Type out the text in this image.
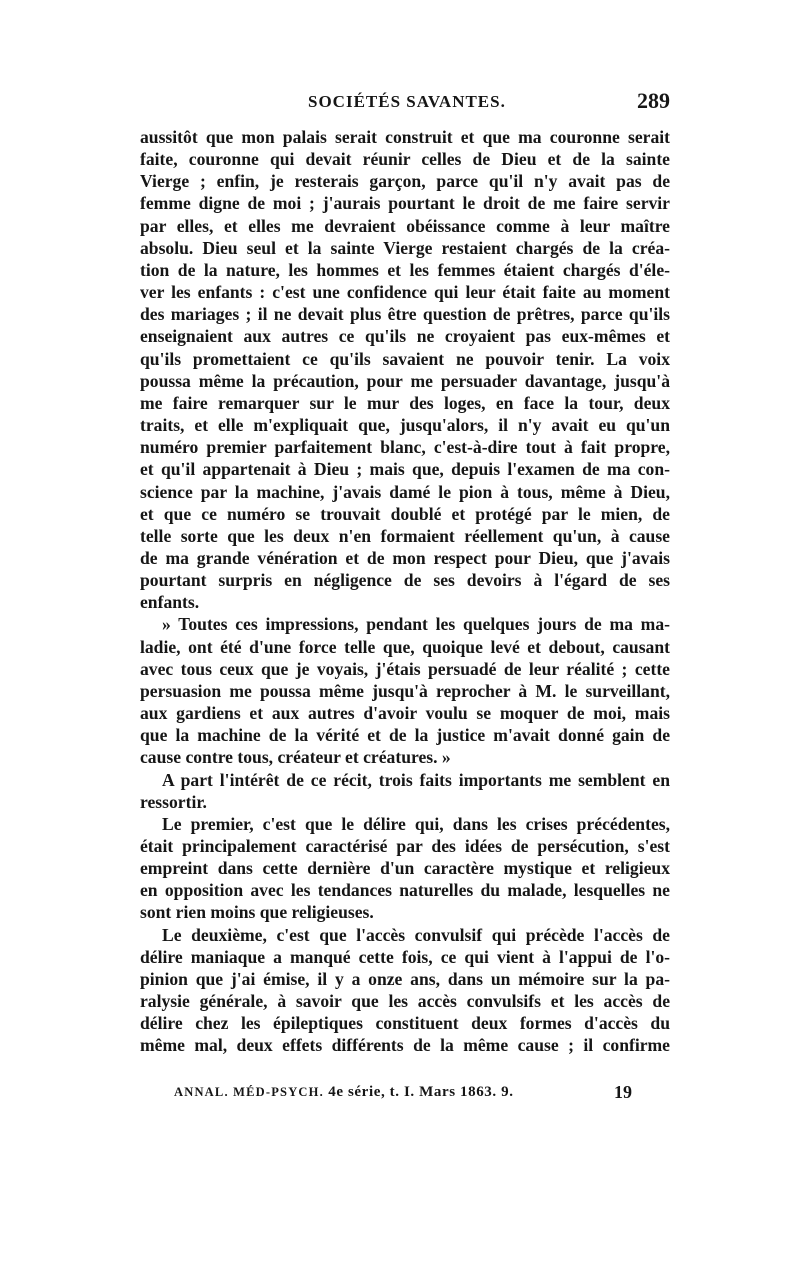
SOCIÉTÉS SAVANTES.	289
aussitôt que mon palais serait construit et que ma couronne serait
faite, couronne qui devait réunir celles de Dieu et de la sainte
Vierge ; enfin, je resterais garçon, parce qu'il n'y avait pas de
femme digne de moi ; j'aurais pourtant le droit de me faire servir
par elles, et elles me devraient obéissance comme à leur maître
absolu. Dieu seul et la sainte Vierge restaient chargés de la créa-
tion de la nature, les hommes et les femmes étaient chargés d'éle-
ver les enfants : c'est une confidence qui leur était faite au moment
des mariages ; il ne devait plus être question de prêtres, parce qu'ils
enseignaient aux autres ce qu'ils ne croyaient pas eux-mêmes et
qu'ils promettaient ce qu'ils savaient ne pouvoir tenir. La voix
poussa même la précaution, pour me persuader davantage, jusqu'à
me faire remarquer sur le mur des loges, en face la tour, deux
traits, et elle m'expliquait que, jusqu'alors, il n'y avait eu qu'un
numéro premier parfaitement blanc, c'est-à-dire tout à fait propre,
et qu'il appartenait à Dieu ; mais que, depuis l'examen de ma con-
science par la machine, j'avais damé le pion à tous, même à Dieu,
et que ce numéro se trouvait doublé et protégé par le mien, de
telle sorte que les deux n'en formaient réellement qu'un, à cause
de ma grande vénération et de mon respect pour Dieu, que j'avais
pourtant surpris en négligence de ses devoirs à l'égard de ses
enfants.
» Toutes ces impressions, pendant les quelques jours de ma ma-
ladie, ont été d'une force telle que, quoique levé et debout, causant
avec tous ceux que je voyais, j'étais persuadé de leur réalité ; cette
persuasion me poussa même jusqu'à reprocher à M. le surveillant,
aux gardiens et aux autres d'avoir voulu se moquer de moi, mais
que la machine de la vérité et de la justice m'avait donné gain de
cause contre tous, créateur et créatures. »
A part l'intérêt de ce récit, trois faits importants me semblent en
ressortir.
Le premier, c'est que le délire qui, dans les crises précédentes,
était principalement caractérisé par des idées de persécution, s'est
empreint dans cette dernière d'un caractère mystique et religieux
en opposition avec les tendances naturelles du malade, lesquelles ne
sont rien moins que religieuses.
Le deuxième, c'est que l'accès convulsif qui précède l'accès de
délire maniaque a manqué cette fois, ce qui vient à l'appui de l'o-
pinion que j'ai émise, il y a onze ans, dans un mémoire sur la pa-
ralysie générale, à savoir que les accès convulsifs et les accès de
délire chez les épileptiques constituent deux formes d'accès du
même mal, deux effets différents de la même cause ; il confirme
ANNAL. MÉD-PSYCH. 4e série, t. I. Mars 1863. 9.	19
